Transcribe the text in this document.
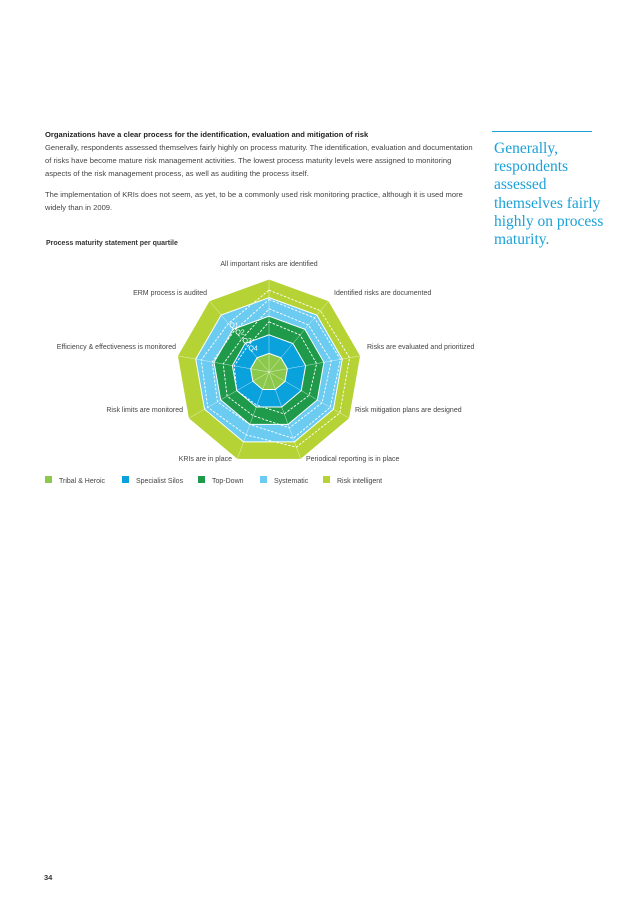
Organizations have a clear process for the identification, evaluation and mitigation of risk
Generally, respondents assessed themselves fairly highly on process maturity. The identification, evaluation and documentation of risks have become mature risk management activities. The lowest process maturity levels were assigned to monitoring aspects of the risk management process, as well as auditing the process itself.

The implementation of KRIs does not seem, as yet, to be a commonly used risk monitoring practice, although it is used more widely than in 2009.

Generally, respondents assessed themselves fairly highly on process maturity.
Process maturity statement per quartile
Q1
Q2
Q3
Q4
All important risks are identified
Identified risks are documented
Risks are evaluated and prioritized
Risk mitigation plans are designed
Periodical reporting is in place
KRIs are in place
Risk limits are monitored
Efficiency & effectiveness is monitored
ERM process is audited
Tribal & Heroic	Specialist Silos	Top-Down	Systematic	Risk intelligent
34
